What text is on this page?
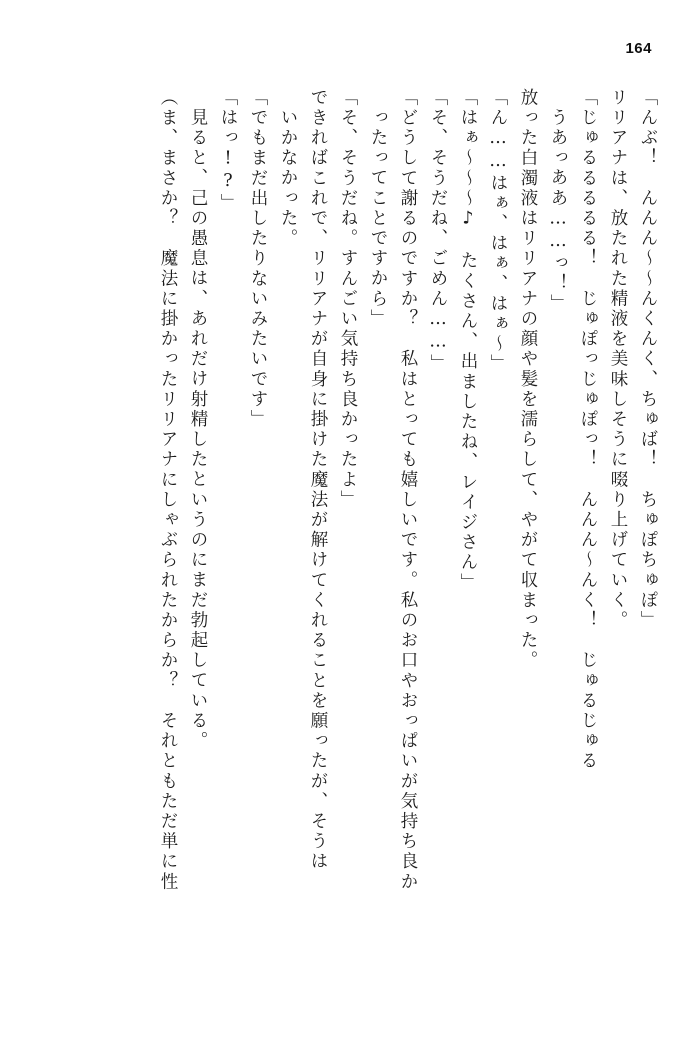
164
「んぶ！　んんん～～んくんく、ちゅば！　ちゅぽちゅぽ」
リリアナは、放たれた精液を美味しそうに啜り上げていく。
「じゅるるるるる！　じゅぽっじゅぽっ！　んんん～んく！　じゅるじゅる
うあっああ……っ！」
放った白濁液はリリアナの顔や髪を濡らして、やがて収まった。
「ん……はぁ、はぁ、はぁ～」
「はぁ～～～♪　たくさん、出ましたね、レイジさん」
「そ、そうだね、ごめん……」
「どうして謝るのですか？　私はとっても嬉しいです。私のお口やおっぱいが気持ち良か
ったってことですから」
「そ、そうだね。すんごい気持ち良かったよ」
できればこれで、リリアナが自身に掛けた魔法が解けてくれることを願ったが、そうは
いかなかった。
「でもまだ出したりないみたいです」
「はっ!?」
見ると、己の愚息は、あれだけ射精したというのにまだ勃起している。
（ま、まさか？　魔法に掛かったリリアナにしゃぶられたからか？　それともただ単に性
